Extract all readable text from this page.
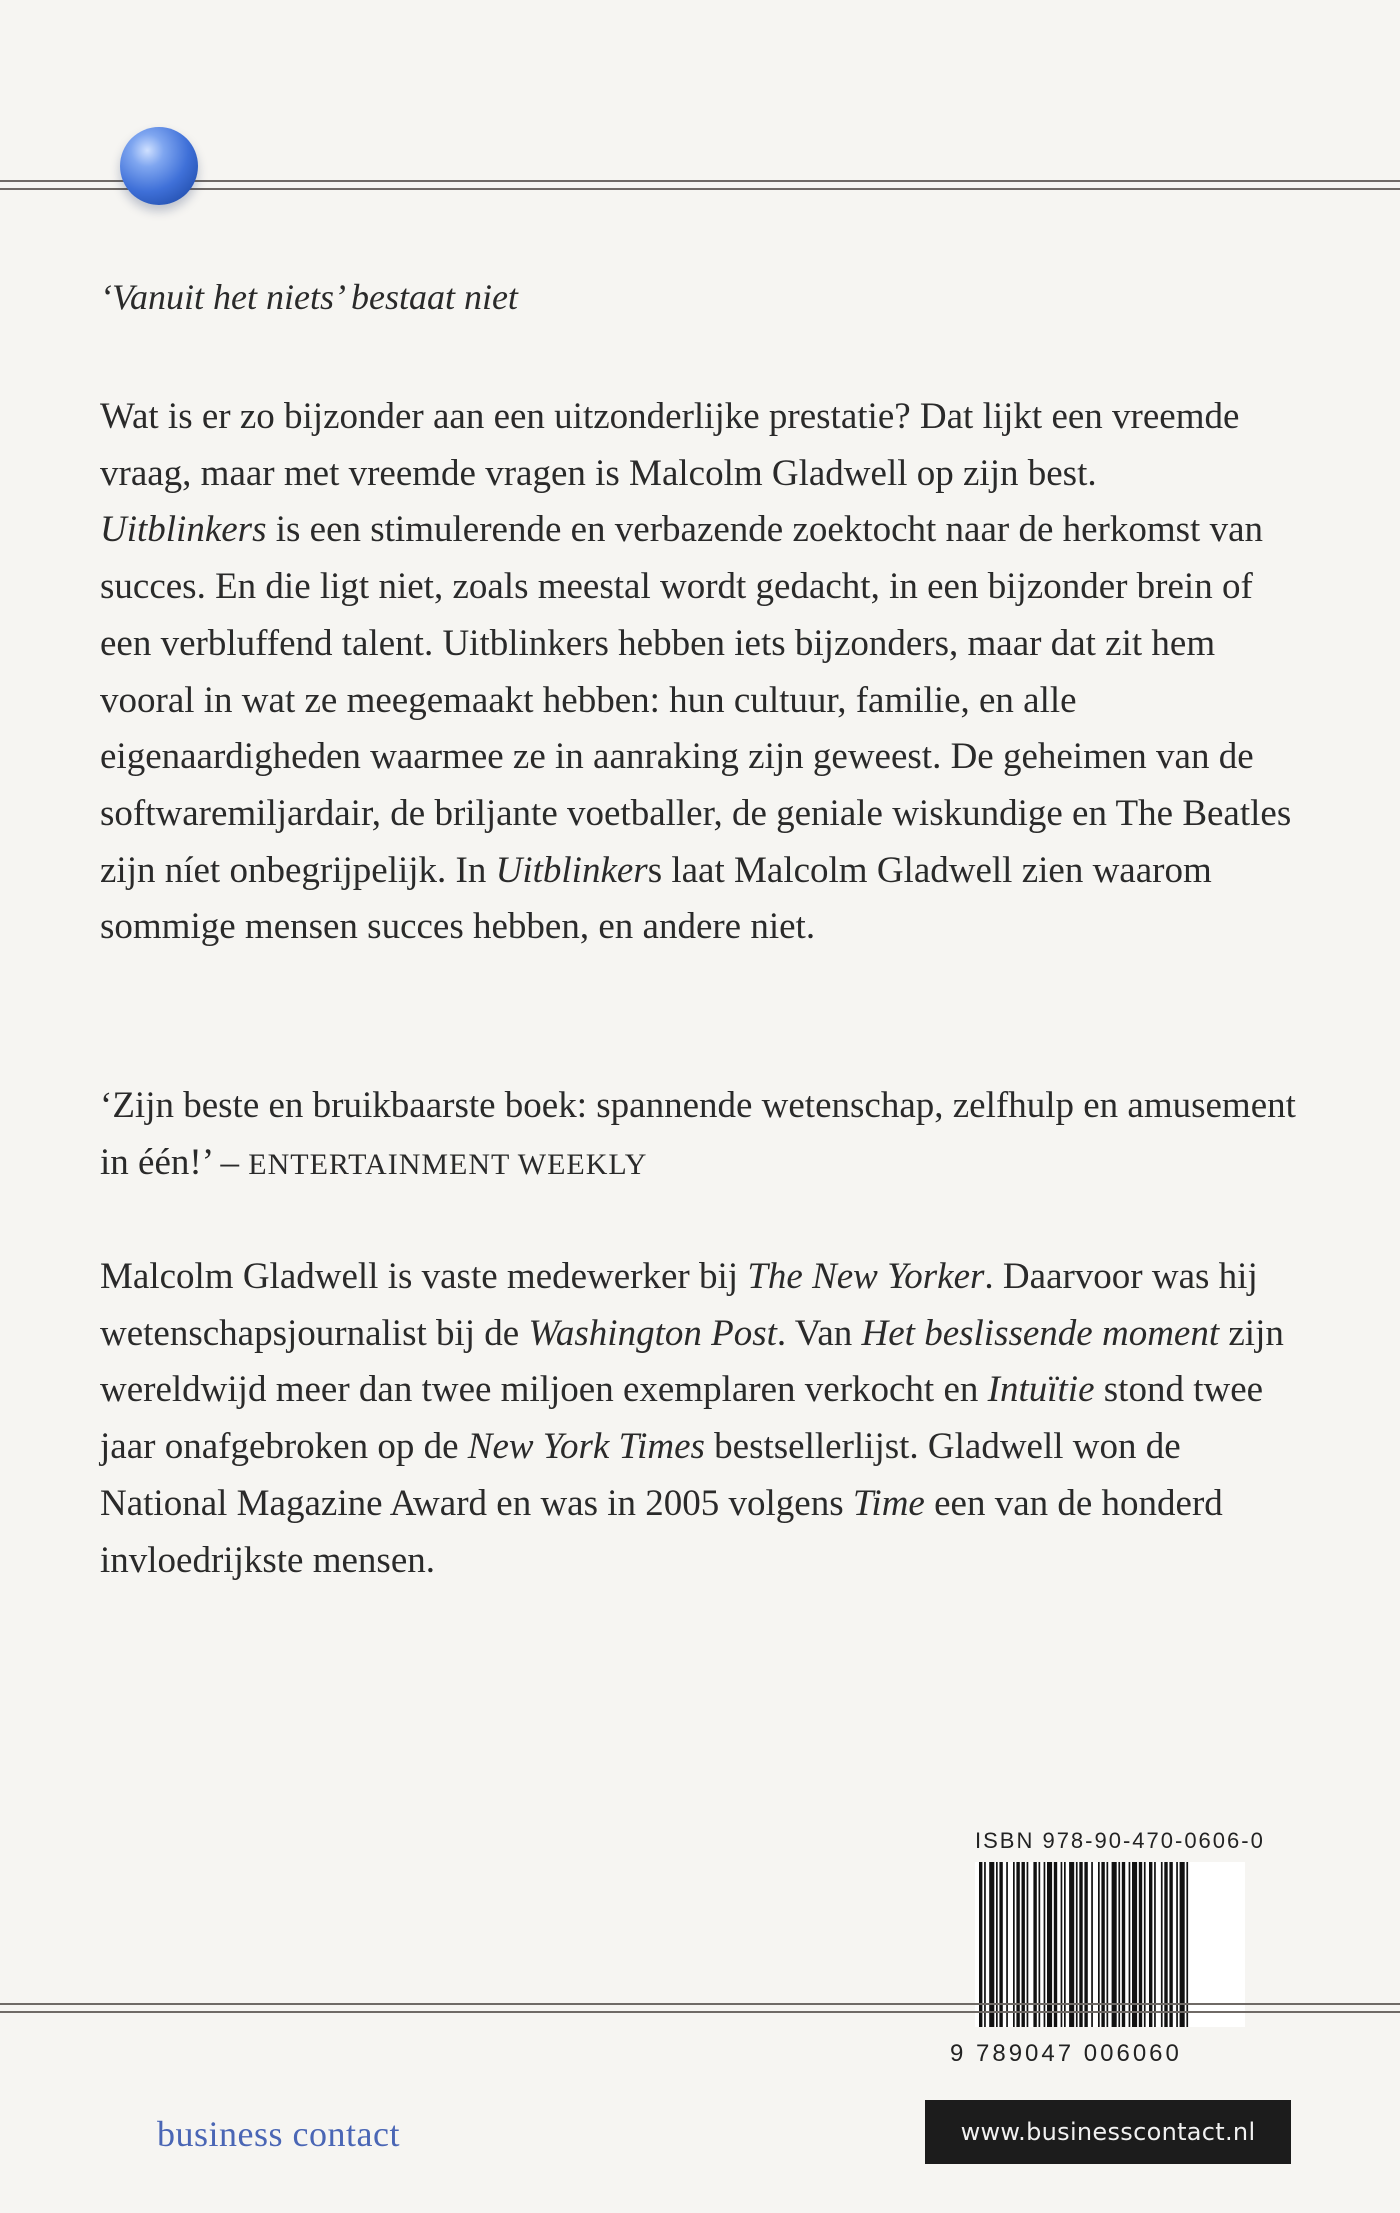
‘Vanuit het niets’ bestaat niet

Wat is er zo bijzonder aan een uitzonderlijke prestatie? Dat lijkt een vreemde vraag, maar met vreemde vragen is Malcolm Gladwell op zijn best.

Uitblinkers is een stimulerende en verbazende zoektocht naar de herkomst van succes. En die ligt niet, zoals meestal wordt gedacht, in een bijzonder brein of een verbluffend talent. Uitblinkers hebben iets bijzonders, maar dat zit hem vooral in wat ze meegemaakt hebben: hun cultuur, familie, en alle eigenaardigheden waarmee ze in aanraking zijn geweest. De geheimen van de softwaremiljardair, de briljante voetballer, de geniale wiskundige en The Beatles zijn níet onbegrijpelijk. In Uitblinkers laat Malcolm Gladwell zien waarom sommige mensen succes hebben, en andere niet.

‘Zijn beste en bruikbaarste boek: spannende wetenschap, zelfhulp en amusement in één!’ – ENTERTAINMENT WEEKLY

Malcolm Gladwell is vaste medewerker bij The New Yorker. Daarvoor was hij wetenschapsjournalist bij de Washington Post. Van Het beslissende moment zijn wereldwijd meer dan twee miljoen exemplaren verkocht en Intuïtie stond twee jaar onafgebroken op de New York Times bestsellerlijst. Gladwell won de National Magazine Award en was in 2005 volgens Time een van de honderd invloedrijkste mensen.

ISBN 978-90-470-0606-0
9 789047 006060
business contact	www.businesscontact.nl
